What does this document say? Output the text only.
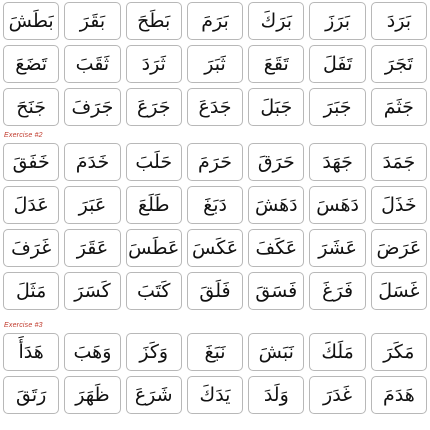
بَرَدَ
بَرَزَ
بَرَكَ
بَرَمَ
بَطَحَ
بَقَرَ
بَطَشَ
تَجَرَ
تَفَلَ
تَقَعَ
ثَبَرَ
ثَرَدَ
ثَقَبَ
تَضَعَ
جَثَمَ
جَبَرَ
جَبَلَ
جَدَعَ
جَرَعَ
جَرَفَ
جَنَحَ
Exercise #2
جَمَدَ
جَهَدَ
حَرَقَ
حَرَمَ
حَلَبَ
خَدَمَ
خَفَقَ
خَذَلَ
دَهَسَ
دَهَشَ
دَبَغَ
طَلَعَ
عَبَرَ
عَدَلَ
عَرَضَ
عَشَرَ
عَكَفَ
عَكَسَ
عَطَسَ
عَقَرَ
غَرَفَ
غَسَلَ
فَرَغَ
فَسَقَ
فَلَقَ
كَتَبَ
كَسَرَ
مَثَلَ
Exercise #3
مَكَرَ
مَلَكَ
نَبَشَ
نَبَغَ
وَكَزَ
وَهَبَ
هَدَأَ
هَدَمَ
غَدَرَ
وَلَدَ
يَدَكَ
شَرَعَ
ظَهَرَ
رَتَقَ
